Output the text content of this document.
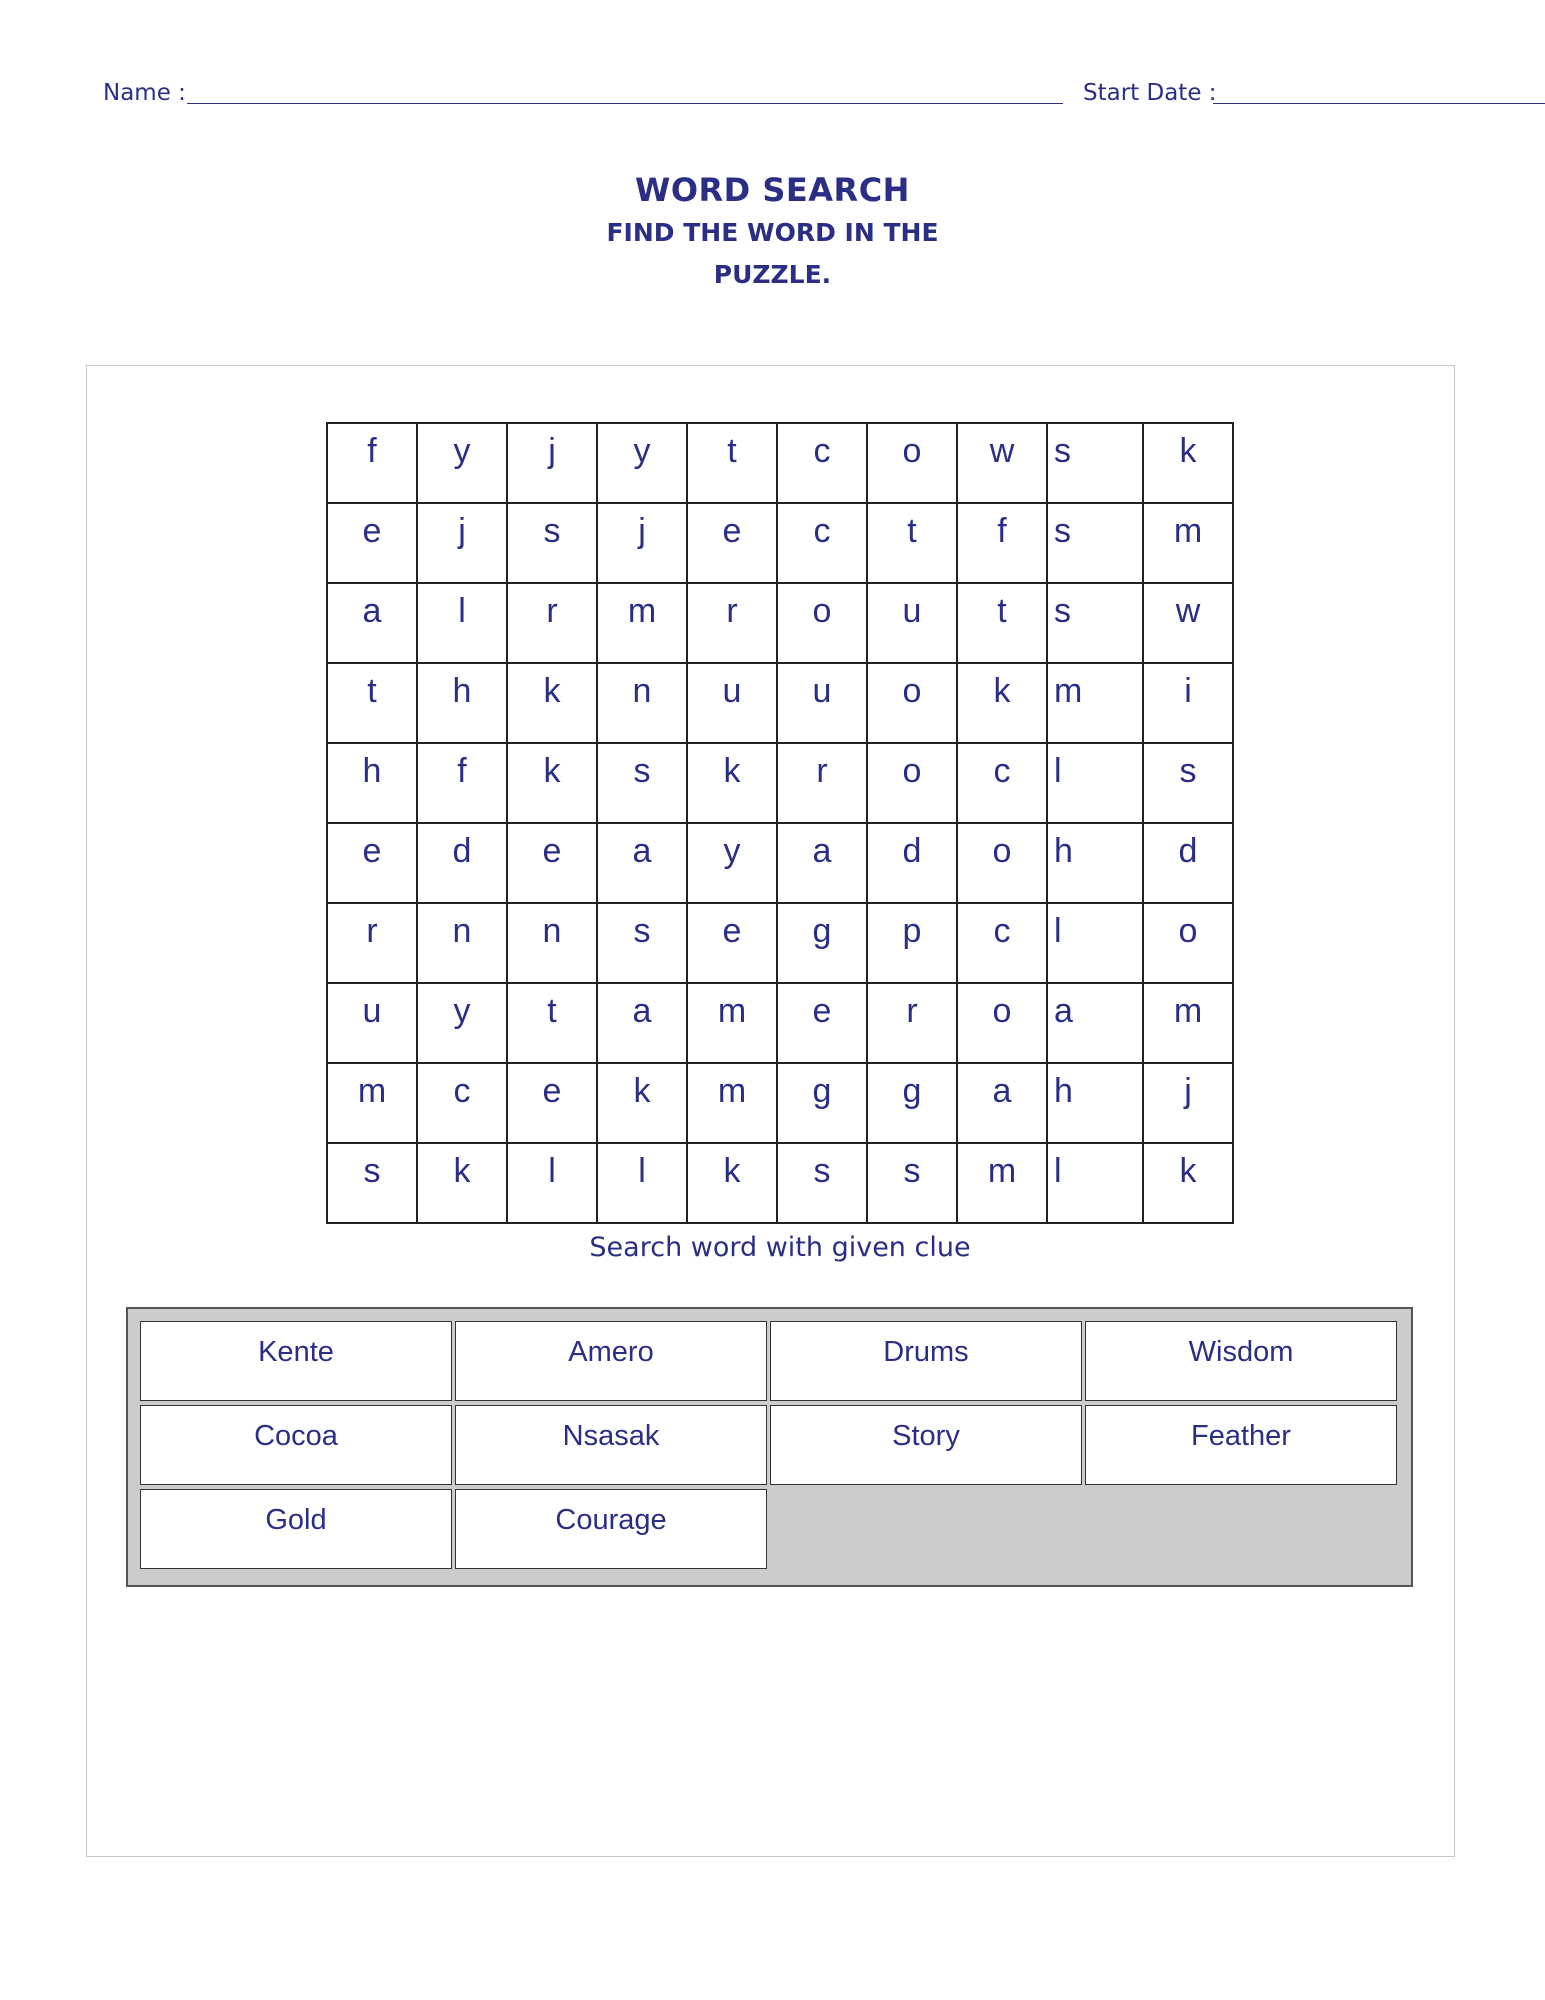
Name :	Start Date :
WORD SEARCH
FIND THE WORD IN THE PUZZLE.
f	y	j	y	t	c	o	w	s	k
e	j	s	j	e	c	t	f	s	m
a	l	r	m	r	o	u	t	s	w
t	h	k	n	u	u	o	k	m	i
h	f	k	s	k	r	o	c	l	s
e	d	e	a	y	a	d	o	h	d
r	n	n	s	e	g	p	c	l	o
u	y	t	a	m	e	r	o	a	m
m	c	e	k	m	g	g	a	h	j
s	k	l	l	k	s	s	m	l	k
Search word with given clue
Kente	Amero	Drums	Wisdom
Cocoa	Nsasak	Story	Feather
Gold	Courage
